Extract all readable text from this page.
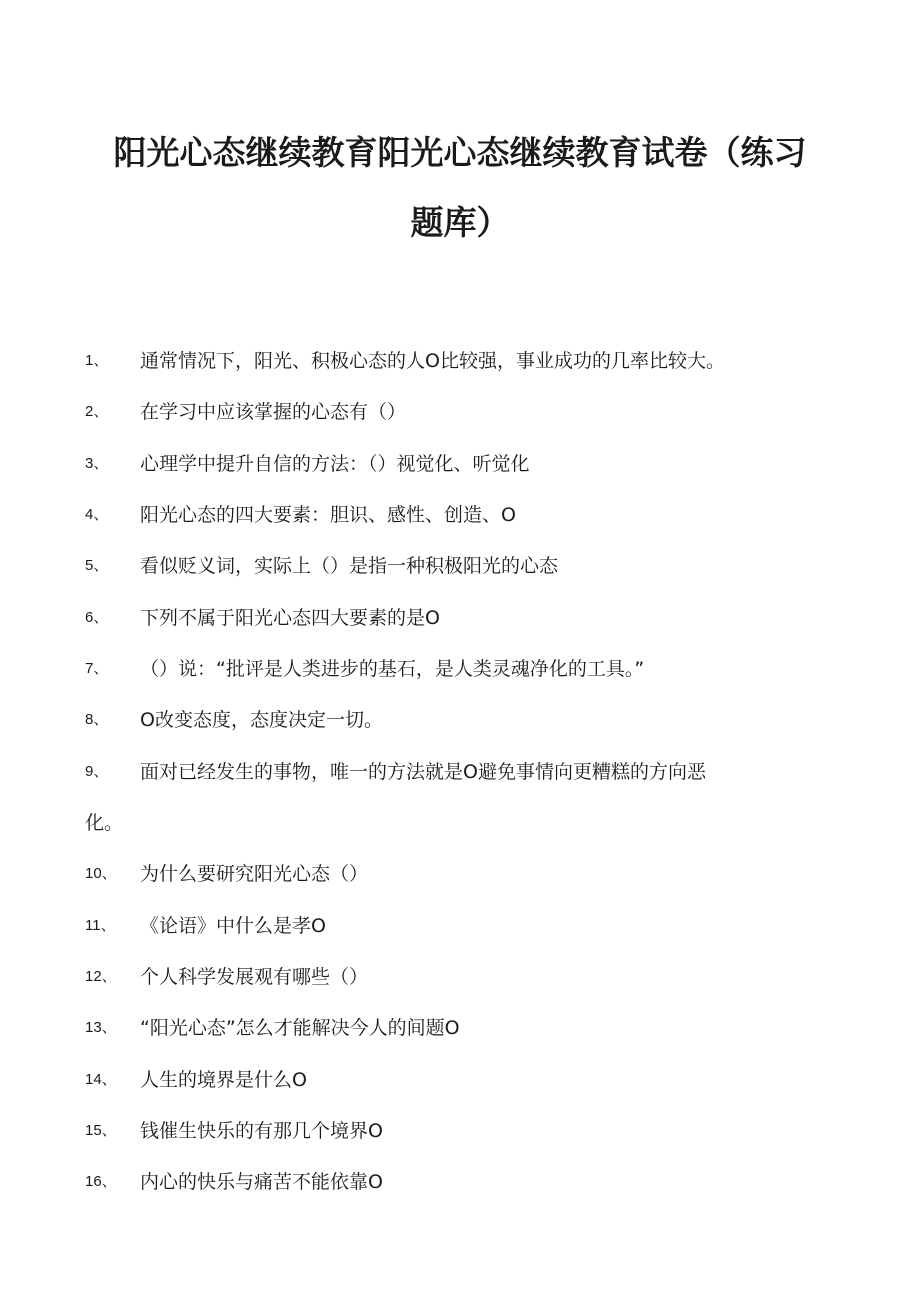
阳光心态继续教育阳光心态继续教育试卷（练习
题库）
1、 通常情况下，阳光、积极心态的人O比较强，事业成功的几率比较大。
2、 在学习中应该掌握的心态有（）
3、 心理学中提升自信的方法：（）视觉化、听觉化
4、 阳光心态的四大要素：胆识、感性、创造、O
5、 看似贬义词，实际上（）是指一种积极阳光的心态
6、 下列不属于阳光心态四大要素的是O
7、 （）说：“批评是人类进步的基石，是人类灵魂净化的工具。”
8、 O改变态度，态度决定一切。
9、 面对已经发生的事物，唯一的方法就是O避免事情向更糟糕的方向恶
化。
10、 为什么要研究阳光心态（）
11、 《论语》中什么是孝O
12、 个人科学发展观有哪些（）
13、 “阳光心态”怎么才能解决今人的间题O
14、 人生的境界是什么O
15、 钱催生快乐的有那几个境界O
16、 内心的快乐与痛苦不能依靠O
